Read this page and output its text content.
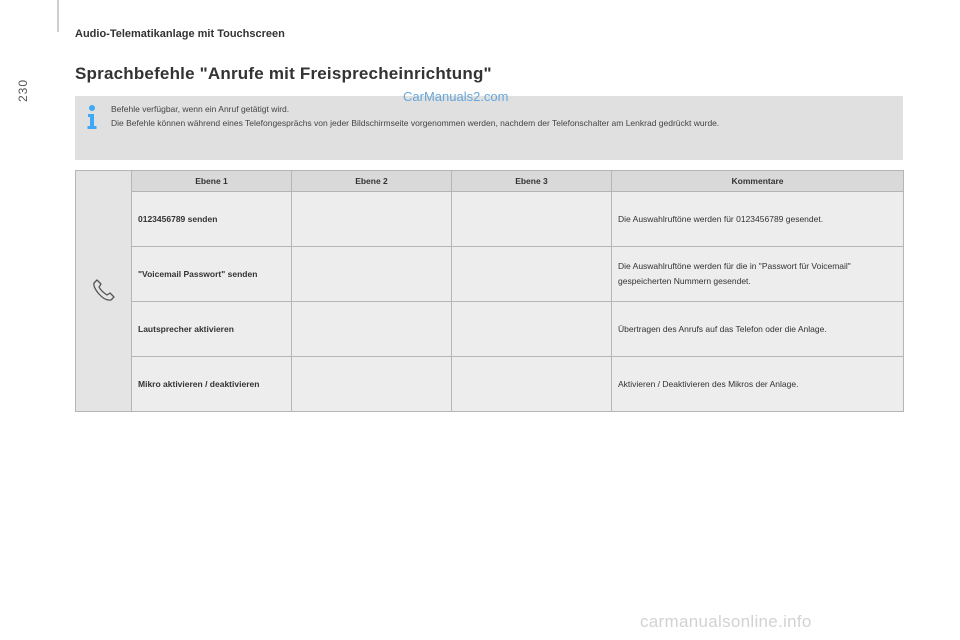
230
Audio-Telematikanlage mit Touchscreen
Sprachbefehle "Anrufe mit Freisprecheinrichtung"
Befehle verfügbar, wenn ein Anruf getätigt wird.
Die Befehle können während eines Telefongesprächs von jeder Bildschirmseite vorgenommen werden, nachdem der Telefonschalter am Lenkrad gedrückt wurde.
CarManuals2.com
	Ebene 1	Ebene 2	Ebene 3	Kommentare
	0123456789 senden			Die Auswahlruftöne werden für 0123456789 gesendet.
	"Voicemail Passwort" senden			Die Auswahlruftöne werden für die in "Passwort für Voicemail" gespeicherten Nummern gesendet.
	Lautsprecher aktivieren			Übertragen des Anrufs auf das Telefon oder die Anlage.
	Mikro aktivieren / deaktivieren			Aktivieren / Deaktivieren des Mikros der Anlage.
carmanualsonline.info
